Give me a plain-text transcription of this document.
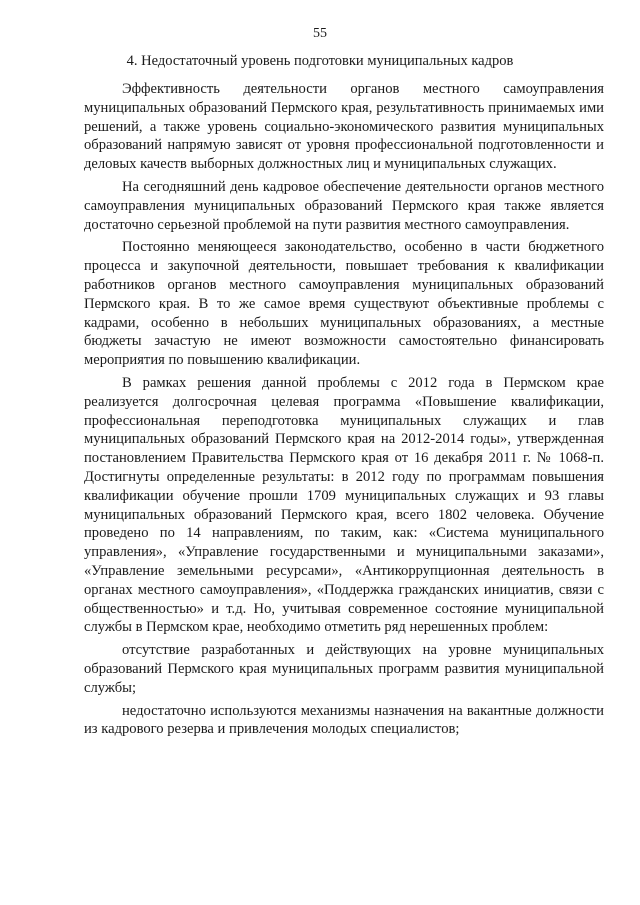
55
4. Недостаточный уровень подготовки муниципальных кадров

Эффективность деятельности органов местного самоуправления муниципальных образований Пермского края, результативность принимаемых ими решений, а также уровень социально-экономического развития муниципальных образований напрямую зависят от уровня профессиональной подготовленности и деловых качеств выборных должностных лиц и муниципальных служащих.

На сегодняшний день кадровое обеспечение деятельности органов местного самоуправления муниципальных образований Пермского края также является достаточно серьезной проблемой на пути развития местного самоуправления.

Постоянно меняющееся законодательство, особенно в части бюджетного процесса и закупочной деятельности, повышает требования к квалификации работников органов местного самоуправления муниципальных образований Пермского края. В то же самое время существуют объективные проблемы с кадрами, особенно в небольших муниципальных образованиях, а местные бюджеты зачастую не имеют возможности самостоятельно финансировать мероприятия по повышению квалификации.

В рамках решения данной проблемы с 2012 года в Пермском крае реализуется долгосрочная целевая программа «Повышение квалификации, профессиональная переподготовка муниципальных служащих и глав муниципальных образований Пермского края на 2012-2014 годы», утвержденная постановлением Правительства Пермского края от 16 декабря 2011 г. № 1068-п. Достигнуты определенные результаты: в 2012 году по программам повышения квалификации обучение прошли 1709 муниципальных служащих и 93 главы муниципальных образований Пермского края, всего 1802 человека. Обучение проведено по 14 направлениям, по таким, как: «Система муниципального управления», «Управление государственными и муниципальными заказами», «Управление земельными ресурсами», «Антикоррупционная деятельность в органах местного самоуправления», «Поддержка гражданских инициатив, связи с общественностью» и т.д. Но, учитывая современное состояние муниципальной службы в Пермском крае, необходимо отметить ряд нерешенных проблем:

отсутствие разработанных и действующих на уровне муниципальных образований Пермского края муниципальных программ развития муниципальной службы;

недостаточно используются механизмы назначения на вакантные должности из кадрового резерва и привлечения молодых специалистов;
